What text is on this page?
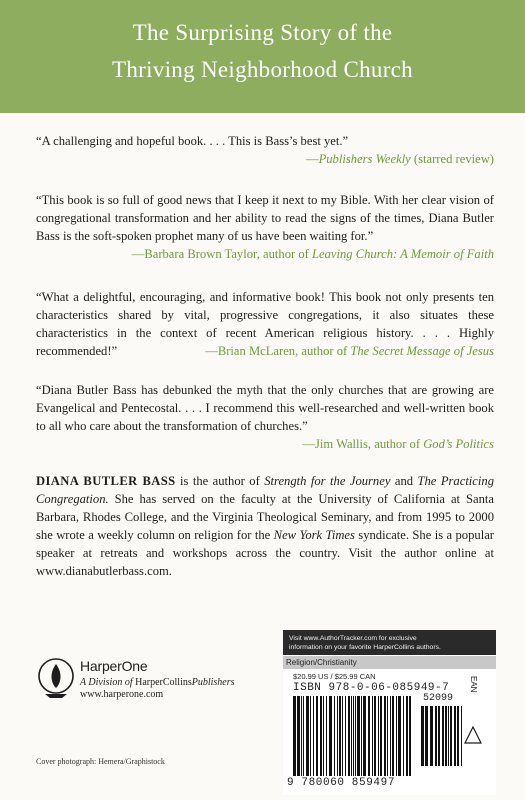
The Surprising Story of the
Thriving Neighborhood Church
“A challenging and hopeful book. . . . This is Bass’s best yet.”
—Publishers Weekly (starred review)
“This book is so full of good news that I keep it next to my Bible. With her clear vision of congregational transformation and her ability to read the signs of the times, Diana Butler Bass is the soft-spoken prophet many of us have been waiting for.”
—Barbara Brown Taylor, author of Leaving Church: A Memoir of Faith
“What a delightful, encouraging, and informative book! This book not only presents ten characteristics shared by vital, progressive congregations, it also situates these characteristics in the context of recent American religious history. . . . Highly recommended!”	—Brian McLaren, author of The Secret Message of Jesus
“Diana Butler Bass has debunked the myth that the only churches that are growing are Evangelical and Pentecostal. . . . I recommend this well-researched and well-written book to all who care about the transformation of churches.”
—Jim Wallis, author of God’s Politics
DIANA BUTLER BASS is the author of Strength for the Journey and The Practicing Congregation. She has served on the faculty at the University of California at Santa Barbara, Rhodes College, and the Virginia Theological Seminary, and from 1995 to 2000 she wrote a weekly column on religion for the New York Times syndicate. She is a popular speaker at retreats and workshops across the country. Visit the author online at www.dianabutlerbass.com.
HarperOne
A Division of HarperCollinsPublishers
www.harperone.com
Cover photograph: Hemera/Graphistock
Visit www.AuthorTracker.com for exclusive
information on your favorite HarperCollins authors.
Religion/Christianity
$20.99 US / $25.99 CAN
ISBN 978-0-06-085949-7 EAN
52099
9 780060 859497
